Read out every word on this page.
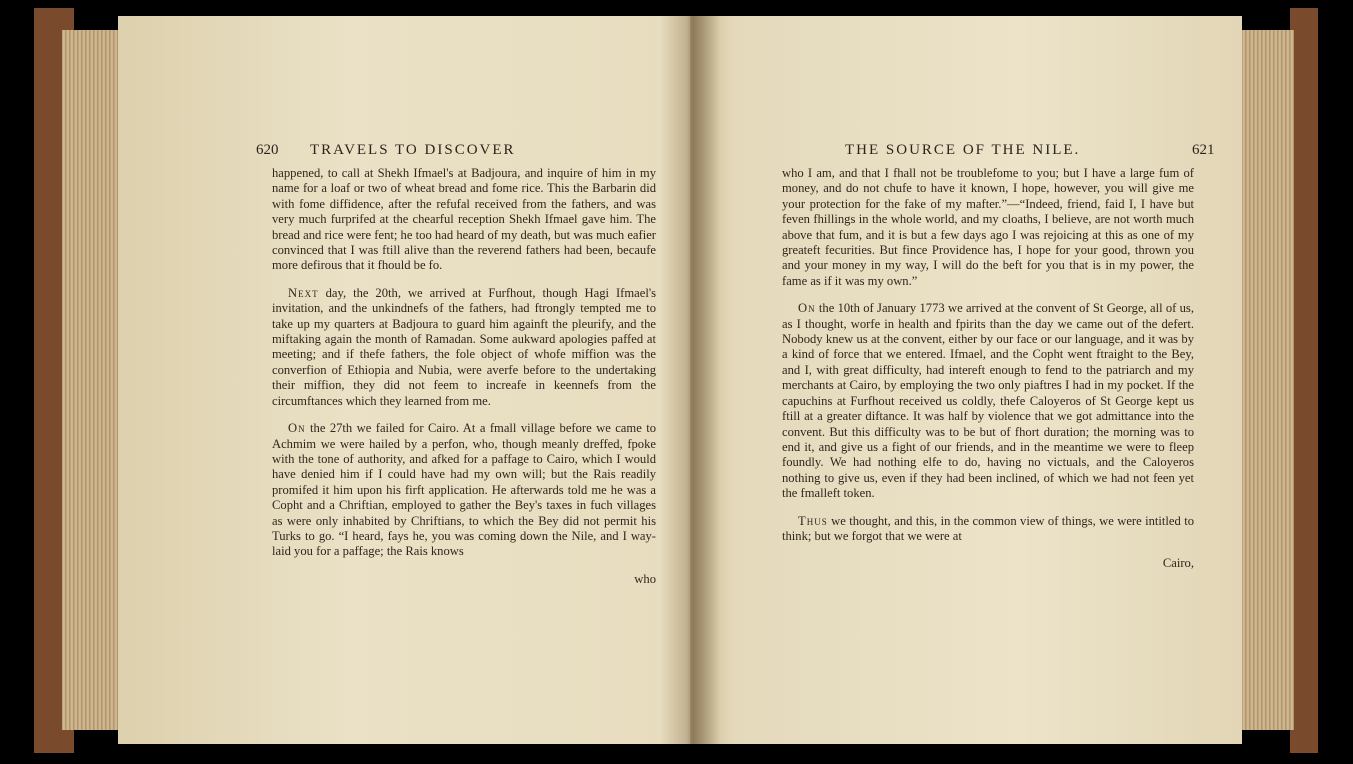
620 TRAVELS TO DISCOVER

happened, to call at Shekh Ifmael's at Badjoura, and inquire of him in my name for a loaf or two of wheat bread and fome rice. This the Barbarin did with fome diffidence, after the refufal received from the fathers, and was very much furprifed at the chearful reception Shekh Ifmael gave him. The bread and rice were fent; he too had heard of my death, but was much eafier convinced that I was ftill alive than the reverend fathers had been, becaufe more defirous that it fhould be fo.

Next day, the 20th, we arrived at Furfhout, though Hagi Ifmael's invitation, and the unkindnefs of the fathers, had ftrongly tempted me to take up my quarters at Badjoura to guard him againft the pleurify, and the miftaking again the month of Ramadan. Some aukward apologies paffed at meeting; and if thefe fathers, the fole object of whofe miffion was the converfion of Ethiopia and Nubia, were averfe before to the undertaking their miffion, they did not feem to increafe in keennefs from the circumftances which they learned from me.

On the 27th we failed for Cairo. At a fmall village before we came to Achmim we were hailed by a perfon, who, though meanly dreffed, fpoke with the tone of authority, and afked for a paffage to Cairo, which I would have denied him if I could have had my own will; but the Rais readily promifed it him upon his firft application. He afterwards told me he was a Copht and a Chriftian, employed to gather the Bey's taxes in fuch villages as were only inhabited by Chriftians, to which the Bey did not permit his Turks to go. “I heard, fays he, you was coming down the Nile, and I way-laid you for a paffage; the Rais knows

who
THE SOURCE OF THE NILE.	621

who I am, and that I fhall not be troublefome to you; but I have a large fum of money, and do not chufe to have it known, I hope, however, you will give me your protection for the fake of my mafter.”—“Indeed, friend, faid I, I have but feven fhillings in the whole world, and my cloaths, I believe, are not worth much above that fum, and it is but a few days ago I was rejoicing at this as one of my greateft fecurities. But fince Providence has, I hope for your good, thrown you and your money in my way, I will do the beft for you that is in my power, the fame as if it was my own.”

On the 10th of January 1773 we arrived at the convent of St George, all of us, as I thought, worfe in health and fpirits than the day we came out of the defert. Nobody knew us at the convent, either by our face or our language, and it was by a kind of force that we entered. Ifmael, and the Copht went ftraight to the Bey, and I, with great difficulty, had intereft enough to fend to the patriarch and my merchants at Cairo, by employing the two only piaftres I had in my pocket. If the capuchins at Furfhout received us coldly, thefe Caloyeros of St George kept us ftill at a greater diftance. It was half by violence that we got admittance into the convent. But this difficulty was to be but of fhort duration; the morning was to end it, and give us a fight of our friends, and in the meantime we were to fleep foundly. We had nothing elfe to do, having no victuals, and the Caloyeros nothing to give us, even if they had been inclined, of which we had not feen yet the fmalleft token.

Thus we thought, and this, in the common view of things, we were intitled to think; but we forgot that we were at

Cairo,
